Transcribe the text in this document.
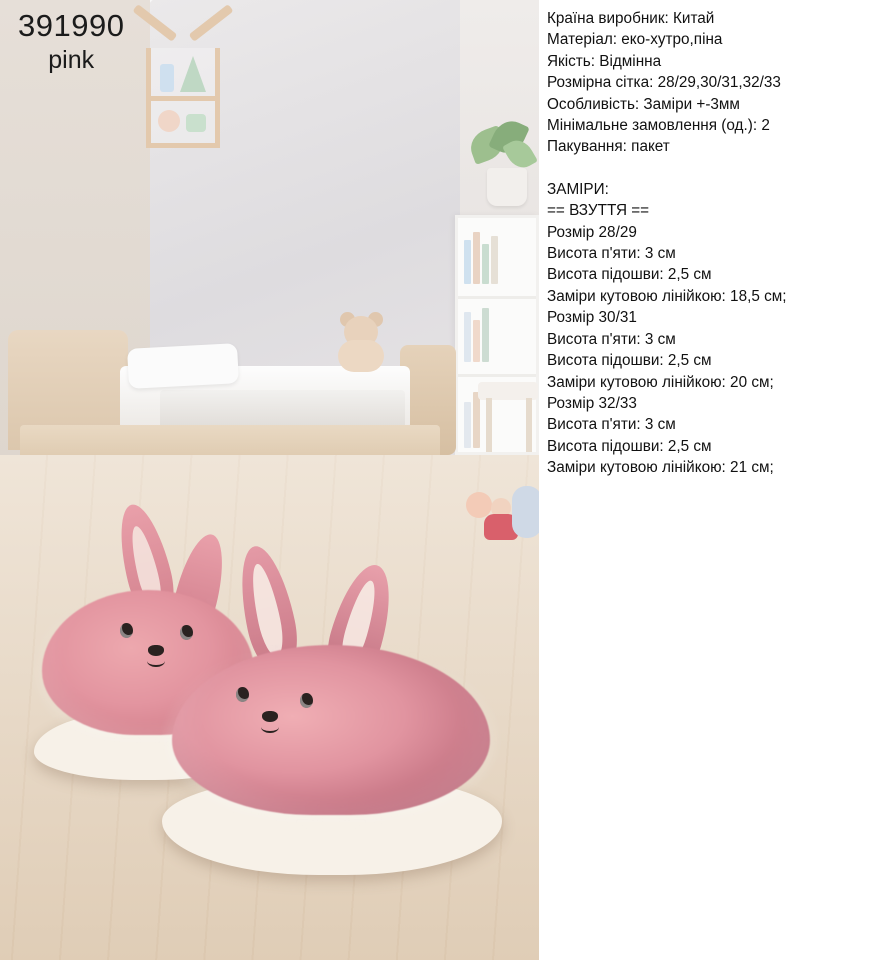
391990
pink
Країна виробник: Китай
Матеріал: еко-хутро,піна
Якість: Відмінна
Розмірна сітка: 28/29,30/31,32/33
Особливість: Заміри +-3мм
Мінімальне замовлення (од.): 2
Пакування: пакет
ЗАМІРИ:
== ВЗУТТЯ ==
Розмір 28/29
Висота п'яти: 3 см
Висота підошви: 2,5 см
Заміри кутовою лінійкою: 18,5 см;
Розмір 30/31
Висота п'яти: 3 см
Висота підошви: 2,5 см
Заміри кутовою лінійкою: 20 см;
Розмір 32/33
Висота п'яти: 3 см
Висота підошви: 2,5 см
Заміри кутовою лінійкою: 21 см;
